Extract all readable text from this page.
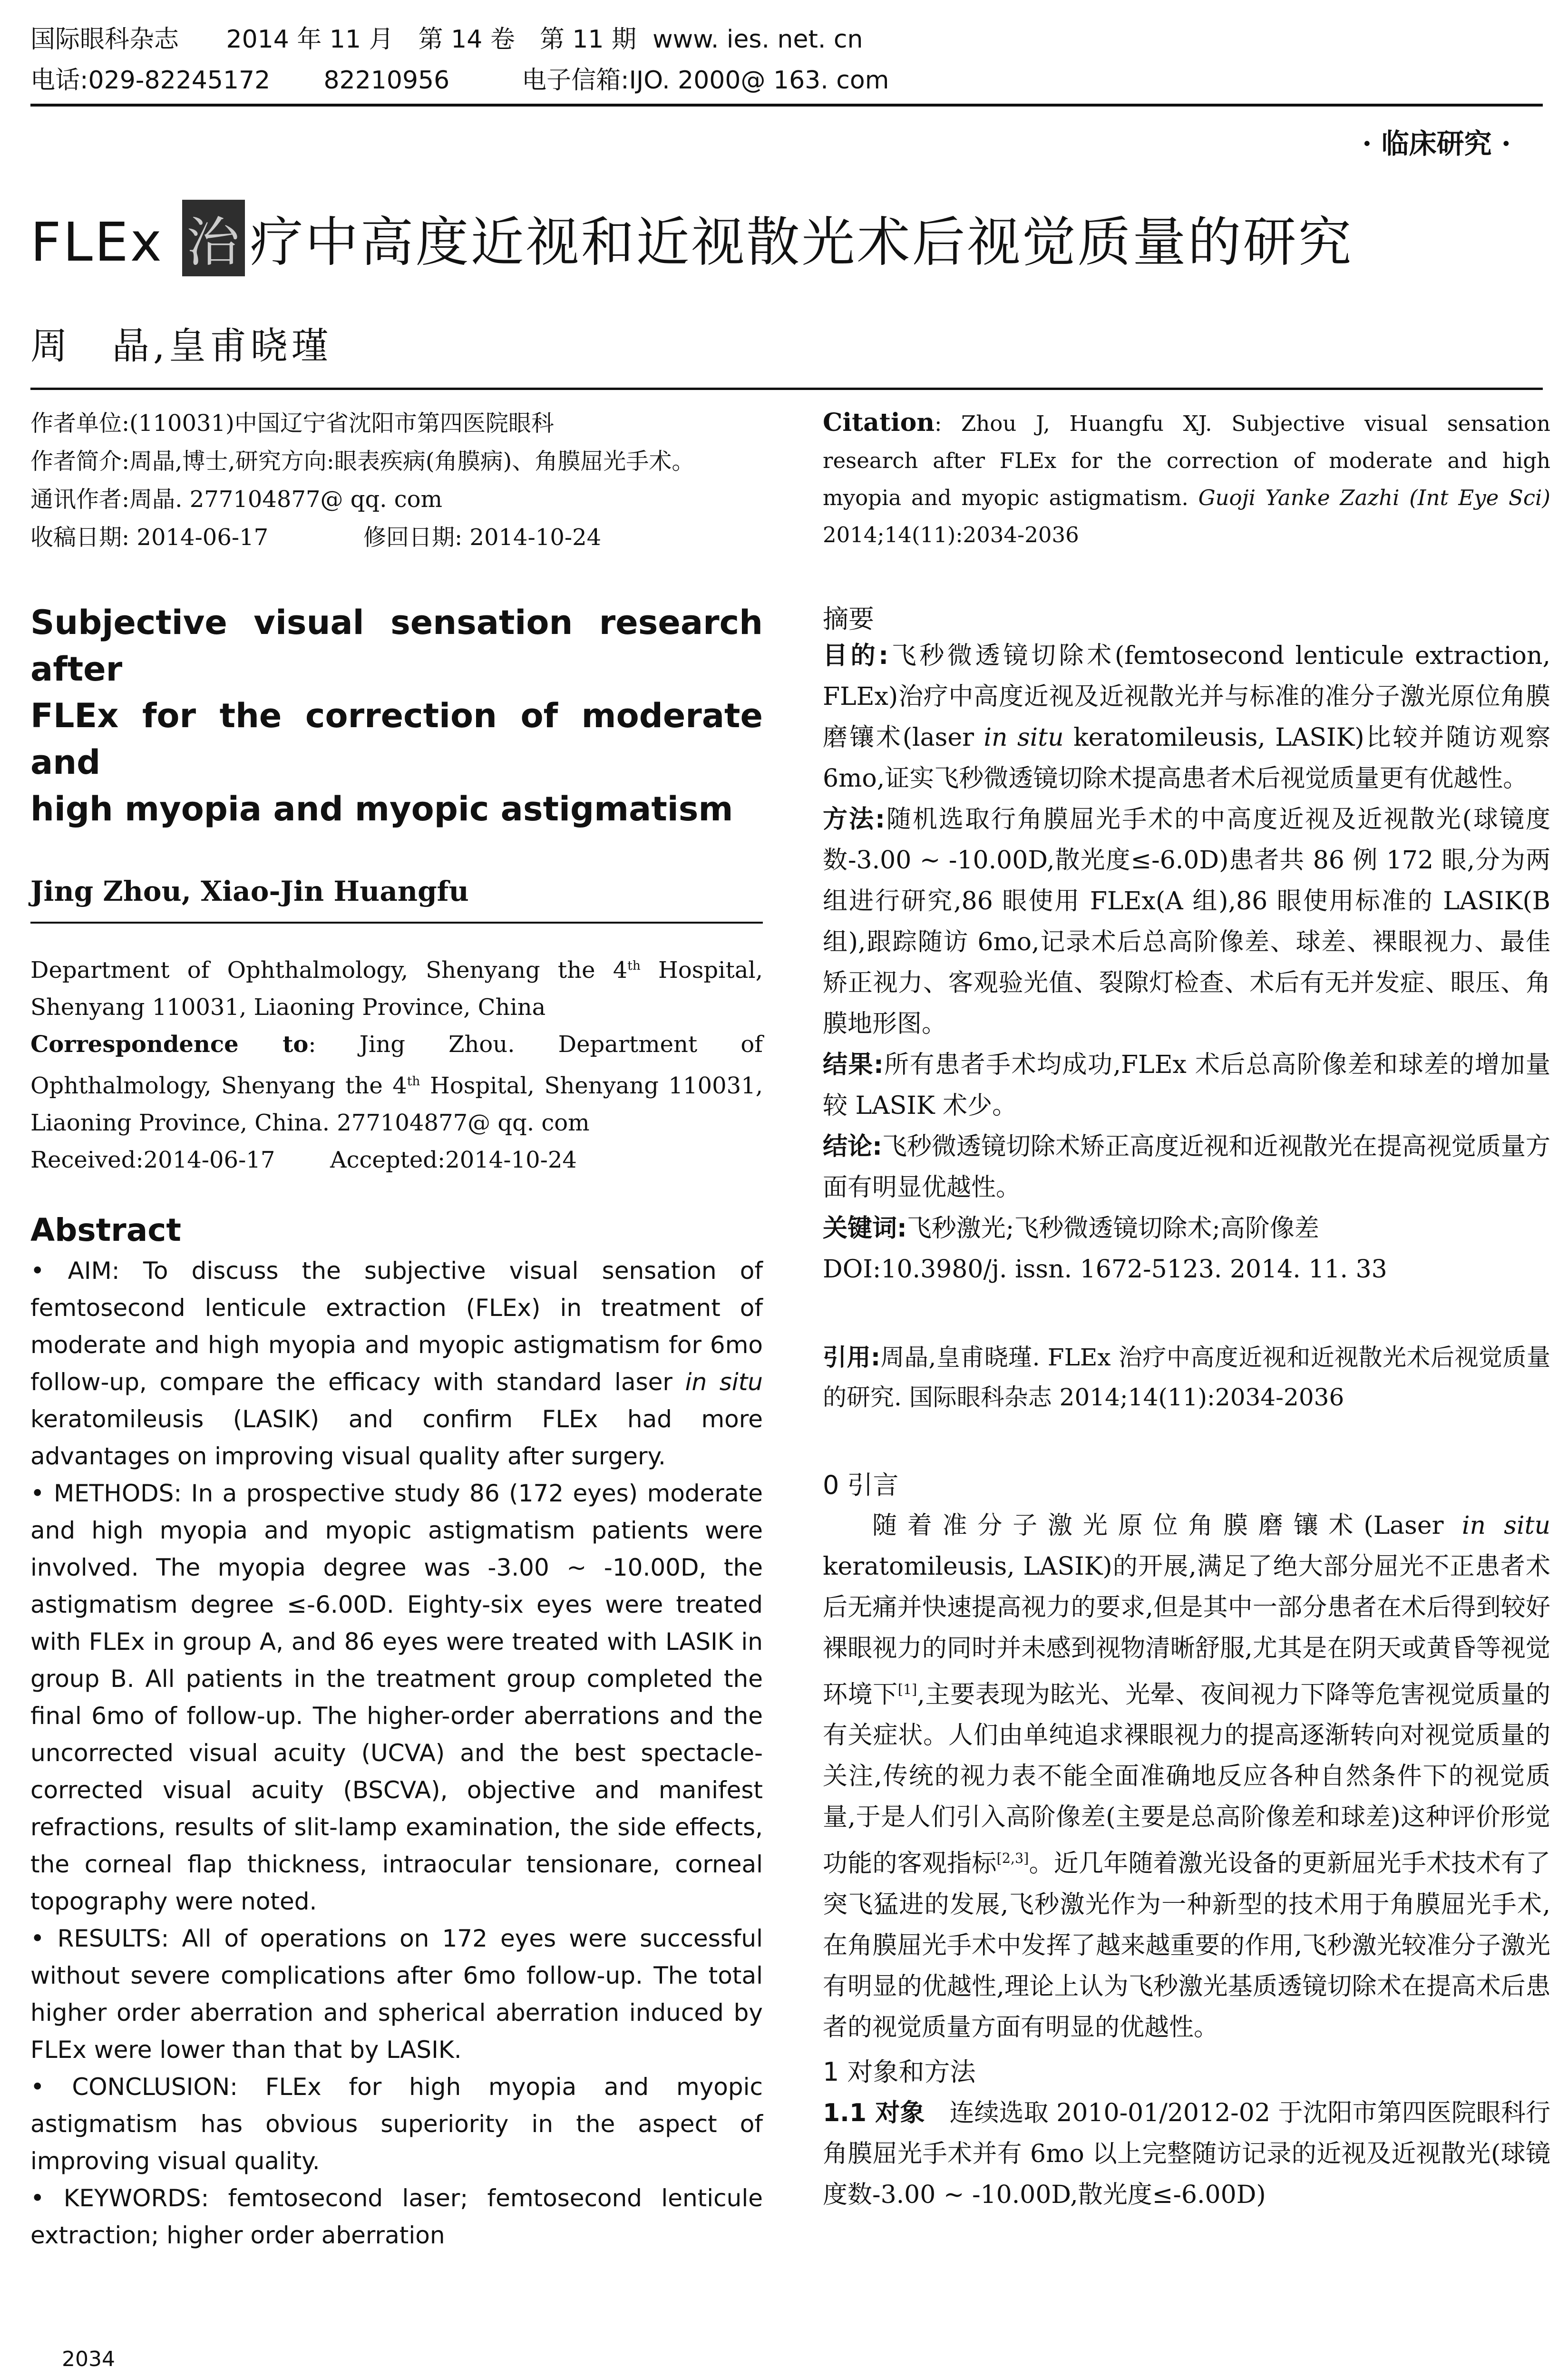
国际眼科杂志 2014 年 11 月　第 14 卷　第 11 期 www. ies. net. cn
电话:029-82245172 82210956	电子信箱:IJO. 2000@ 163. com
· 临床研究 ·
FLEx 治 疗中高度近视和近视散光术后视觉质量的研究
周　晶,皇甫晓瑾

作者单位:(110031)中国辽宁省沈阳市第四医院眼科

作者简介:周晶,博士,研究方向:眼表疾病(角膜病)、角膜屈光手术。

通讯作者:周晶. 277104877@ qq. com

收稿日期: 2014-06-17	修回日期: 2014-10-24

Subjective visual sensation research after
FLEx for the correction of moderate and
high myopia and myopic astigmatism
Jing Zhou, Xiao-Jin Huangfu

Department of Ophthalmology, Shenyang the 4th Hospital, Shenyang 110031, Liaoning Province, China

Correspondence to: Jing Zhou. Department of Ophthalmology, Shenyang the 4th Hospital, Shenyang 110031, Liaoning Province, China. 277104877@ qq. com

Received:2014-06-17 Accepted:2014-10-24

Abstract

• AIM: To discuss the subjective visual sensation of femtosecond lenticule extraction (FLEx) in treatment of moderate and high myopia and myopic astigmatism for 6mo follow-up, compare the efficacy with standard laser in situ keratomileusis (LASIK) and confirm FLEx had more advantages on improving visual quality after surgery.

• METHODS: In a prospective study 86 (172 eyes) moderate and high myopia and myopic astigmatism patients were involved. The myopia degree was -3.00 ~ -10.00D, the astigmatism degree ≤-6.00D. Eighty-six eyes were treated with FLEx in group A, and 86 eyes were treated with LASIK in group B. All patients in the treatment group completed the final 6mo of follow-up. The higher-order aberrations and the uncorrected visual acuity (UCVA) and the best spectacle-corrected visual acuity (BSCVA), objective and manifest refractions, results of slit-lamp examination, the side effects, the corneal flap thickness, intraocular tensionare, corneal topography were noted.

• RESULTS: All of operations on 172 eyes were successful without severe complications after 6mo follow-up. The total higher order aberration and spherical aberration induced by FLEx were lower than that by LASIK.

• CONCLUSION: FLEx for high myopia and myopic astigmatism has obvious superiority in the aspect of improving visual quality.

• KEYWORDS: femtosecond laser; femtosecond lenticule extraction; higher order aberration

Citation: Zhou J, Huangfu XJ. Subjective visual sensation research after FLEx for the correction of moderate and high myopia and myopic astigmatism. Guoji Yanke Zazhi (Int Eye Sci) 2014;14(11):2034-2036
摘要

目的:飞秒微透镜切除术(femtosecond lenticule extraction, FLEx)治疗中高度近视及近视散光并与标准的准分子激光原位角膜磨镶术(laser in situ keratomileusis, LASIK)比较并随访观察 6mo,证实飞秒微透镜切除术提高患者术后视觉质量更有优越性。

方法:随机选取行角膜屈光手术的中高度近视及近视散光(球镜度数-3.00 ~ -10.00D,散光度≤-6.0D)患者共 86 例 172 眼,分为两组进行研究,86 眼使用 FLEx(A 组),86 眼使用标准的 LASIK(B 组),跟踪随访 6mo,记录术后总高阶像差、球差、裸眼视力、最佳矫正视力、客观验光值、裂隙灯检查、术后有无并发症、眼压、角膜地形图。

结果:所有患者手术均成功,FLEx 术后总高阶像差和球差的增加量较 LASIK 术少。

结论:飞秒微透镜切除术矫正高度近视和近视散光在提高视觉质量方面有明显优越性。

关键词:飞秒激光;飞秒微透镜切除术;高阶像差

DOI:10.3980/j. issn. 1672-5123. 2014. 11. 33

引用:周晶,皇甫晓瑾. FLEx 治疗中高度近视和近视散光术后视觉质量的研究. 国际眼科杂志 2014;14(11):2034-2036
0 引言
随着准分子激光原位角膜磨镶术(Laser in situ keratomileusis, LASIK)的开展,满足了绝大部分屈光不正患者术后无痛并快速提高视力的要求,但是其中一部分患者在术后得到较好裸眼视力的同时并未感到视物清晰舒服,尤其是在阴天或黄昏等视觉环境下[1],主要表现为眩光、光晕、夜间视力下降等危害视觉质量的有关症状。人们由单纯追求裸眼视力的提高逐渐转向对视觉质量的关注,传统的视力表不能全面准确地反应各种自然条件下的视觉质量,于是人们引入高阶像差(主要是总高阶像差和球差)这种评价形觉功能的客观指标[2,3]。近几年随着激光设备的更新屈光手术技术有了突飞猛进的发展,飞秒激光作为一种新型的技术用于角膜屈光手术,在角膜屈光手术中发挥了越来越重要的作用,飞秒激光较准分子激光有明显的优越性,理论上认为飞秒激光基质透镜切除术在提高术后患者的视觉质量方面有明显的优越性。
1 对象和方法
1.1 对象　连续选取 2010-01/2012-02 于沈阳市第四医院眼科行角膜屈光手术并有 6mo 以上完整随访记录的近视及近视散光(球镜度数-3.00 ~ -10.00D,散光度≤-6.00D)
2034
